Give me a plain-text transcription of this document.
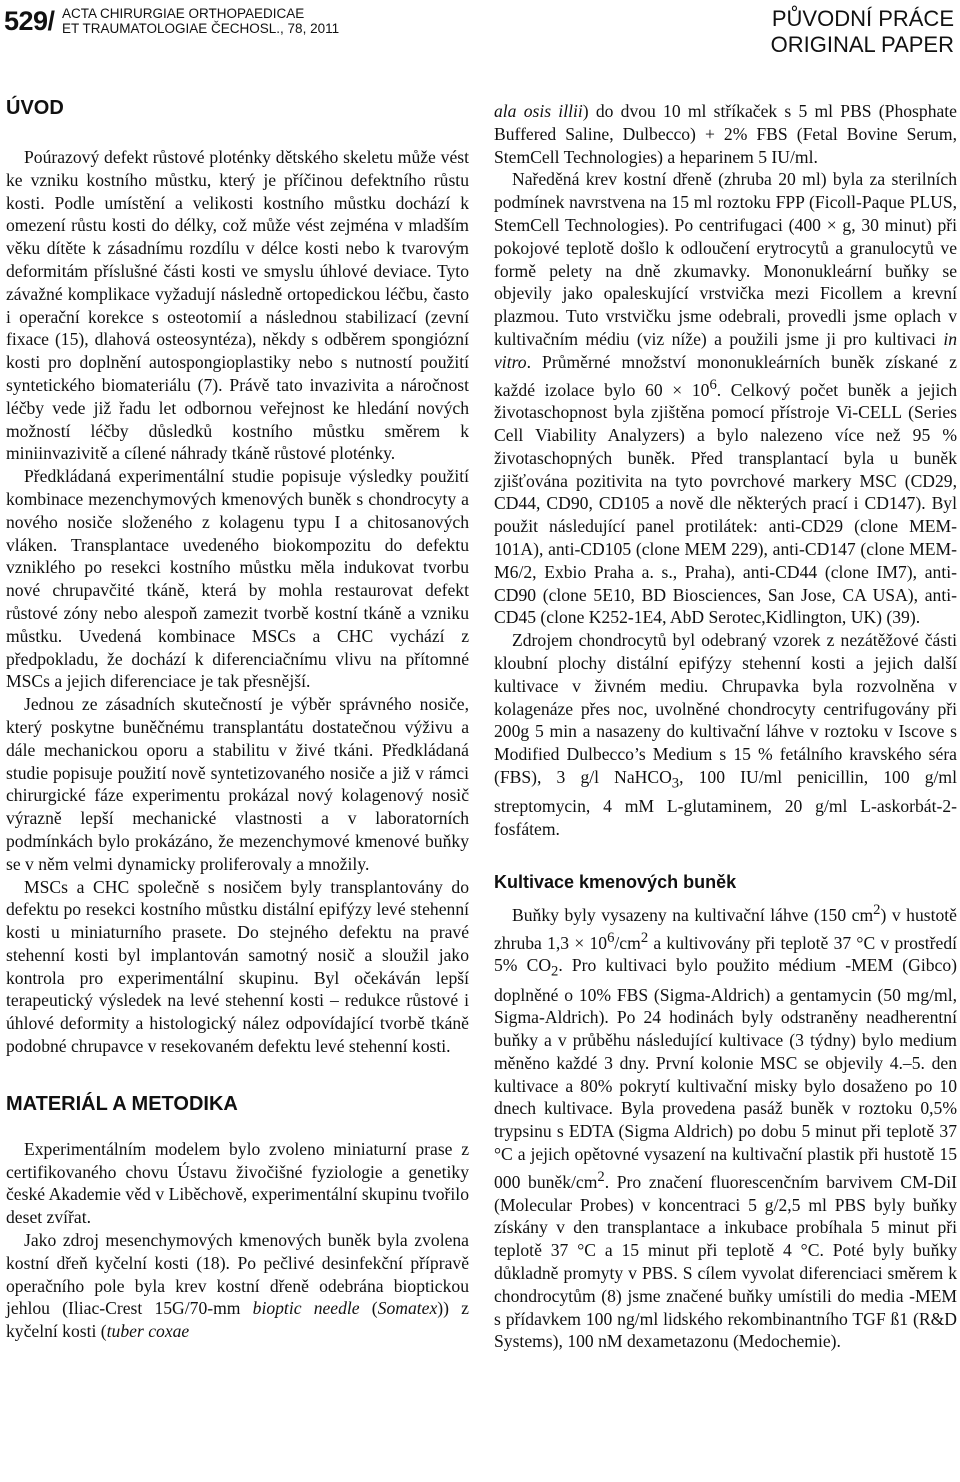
529/ ACTA CHIRURGIAE ORTHOPAEDICAE
ET TRAUMATOLOGIAE ČECHOSL., 78, 2011	PŮVODNÍ PRÁCE
ORIGINAL PAPER
ÚVOD

Poúrazový defekt růstové ploténky dětského skeletu může vést ke vzniku kostního můstku, který je příčinou defektního růstu kosti. Podle umístění a velikosti kostního můstku dochází k omezení růstu kosti do délky, což může vést zejména v mladším věku dítěte k zásadnímu rozdílu v délce kosti nebo k tvarovým deformitám příslušné části kosti ve smyslu úhlové deviace. Tyto závažné komplikace vyžadují následně ortopedickou léčbu, často i operační korekce s osteotomií a následnou stabilizací (zevní fixace (15), dlahová osteosyntéza), někdy s odběrem spongiózní kosti pro doplnění autospongioplastiky nebo s nutností použití syntetického biomateriálu (7). Právě tato invazivita a náročnost léčby vede již řadu let odbornou veřejnost ke hledání nových možností léčby důsledků kostního můstku směrem k miniinvazivitě a cílené náhrady tkáně růstové ploténky.

Předkládaná experimentální studie popisuje výsledky použití kombinace mezenchymových kmenových buněk s chondrocyty a nového nosiče složeného z kolagenu typu I a chitosanových vláken. Transplantace uvedeného biokompozitu do defektu vzniklého po resekci kostního můstku měla indukovat tvorbu nové chrupavčité tkáně, která by mohla restaurovat defekt růstové zóny nebo alespoň zamezit tvorbě kostní tkáně a vzniku můstku. Uvedená kombinace MSCs a CHC vychází z předpokladu, že dochází k diferenciačnímu vlivu na přítomné MSCs a jejich diferenciace je tak přesnější.

Jednou ze zásadních skutečností je výběr správného nosiče, který poskytne buněčnému transplantátu dostatečnou výživu a dále mechanickou oporu a stabilitu v živé tkáni. Předkládaná studie popisuje použití nově syntetizovaného nosiče a již v rámci chirurgické fáze experimentu prokázal nový kolagenový nosič výrazně lepší mechanické vlastnosti a v laboratorních podmínkách bylo prokázáno, že mezenchymové kmenové buňky se v něm velmi dynamicky proliferovaly a množily.

MSCs a CHC společně s nosičem byly transplantovány do defektu po resekci kostního můstku distální epifýzy levé stehenní kosti u miniaturního prasete. Do stejného defektu na pravé stehenní kosti byl implantován samotný nosič a sloužil jako kontrola pro experimentální skupinu. Byl očekáván lepší terapeutický výsledek na levé stehenní kosti – redukce růstové i úhlové deformity a histologický nález odpovídající tvorbě tkáně podobné chrupavce v resekovaném defektu levé stehenní kosti.

MATERIÁL A METODIKA

Experimentálním modelem bylo zvoleno miniaturní prase z certifikovaného chovu Ústavu živočišné fyziologie a genetiky české Akademie věd v Liběchově, experimentální skupinu tvořilo deset zvířat.

Jako zdroj mesenchymových kmenových buněk byla zvolena kostní dřeň kyčelní kosti (18). Po pečlivé desinfekční přípravě operačního pole byla krev kostní dřeně odebrána bioptickou jehlou (Iliac-Crest 15G/70-mm bioptic needle (Somatex)) z kyčelní kosti (tuber coxae

ala osis illii) do dvou 10 ml stříkaček s 5 ml PBS (Phosphate Buffered Saline, Dulbecco) + 2% FBS (Fetal Bovine Serum, StemCell Technologies) a heparinem 5 IU/ml.

Naředěná krev kostní dřeně (zhruba 20 ml) byla za sterilních podmínek navrstvena na 15 ml roztoku FPP (Ficoll-Paque PLUS, StemCell Technologies). Po centrifugaci (400 × g, 30 minut) při pokojové teplotě došlo k odloučení erytrocytů a granulocytů ve formě pelety na dně zkumavky. Mononukleární buňky se objevily jako opaleskující vrstvička mezi Ficollem a krevní plazmou. Tuto vrstvičku jsme odebrali, provedli jsme oplach v kultivačním médiu (viz níže) a použili jsme ji pro kultivaci in vitro. Průměrné množství mononukleárních buněk získané z každé izolace bylo $60 \times 10^6$. Celkový počet buněk a jejich životaschopnost byla zjištěna pomocí přístroje Vi-CELL (Series Cell Viability Analyzers) a bylo nalezeno více než 95 % životaschopných buněk. Před transplantací byla u buněk zjišťována pozitivita na tyto povrchové markery MSC (CD29, CD44, CD90, CD105 a nově dle některých prací i CD147). Byl použit následující panel protilátek: anti-CD29 (clone MEM-101A), anti-CD105 (clone MEM 229), anti-CD147 (clone MEM-M6/2, Exbio Praha a. s., Praha), anti-CD44 (clone IM7), anti-CD90 (clone 5E10, BD Biosciences, San Jose, CA USA), anti-CD45 (clone K252-1E4, AbD Serotec,Kidlington, UK) (39).

Zdrojem chondrocytů byl odebraný vzorek z nezátěžové části kloubní plochy distální epifýzy stehenní kosti a jejich další kultivace v živném mediu. Chrupavka byla rozvolněna v kolagenáze přes noc, uvolněné chondrocyty centrifugovány při 200g 5 min a nasazeny do kultivační láhve v roztoku v Iscove s Modified Dulbecco’s Medium s 15 % fetálního kravského séra (FBS), 3 g/l NaHCO$_3$, 100 IU/ml penicillin, 100 g/ml streptomycin, 4 mM L-glutaminem, 20 g/ml L-askorbát-2-fosfátem.

Kultivace kmenových buněk

Buňky byly vysazeny na kultivační láhve (150 $cm^2$) v hustotě zhruba $1,3 \times 10^6/cm^2$ a kultivovány při teplotě 37 °C v prostředí 5% $CO_2$. Pro kultivaci bylo použito médium -MEM (Gibco) doplněné o 10% FBS (Sigma-Aldrich) a gentamycin (50 mg/ml, Sigma-Aldrich). Po 24 hodinách byly odstraněny neadherentní buňky a v průběhu následující kultivace (3 týdny) bylo medium měněno každé 3 dny. První kolonie MSC se objevily 4.–5. den kultivace a 80% pokrytí kultivační misky bylo dosaženo po 10 dnech kultivace. Byla provedena pasáž buněk v roztoku 0,5% trypsinu s EDTA (Sigma Aldrich) po dobu 5 minut při teplotě 37 °C a jejich opětovné vysazení na kultivační plastik při hustotě 15 000 buněk/$cm^2$. Pro značení fluorescenčním barvivem CM-DiI (Molecular Probes) v koncentraci 5 g/2,5 ml PBS byly buňky získány v den transplantace a inkubace probíhala 5 minut při teplotě 37 °C a 15 minut při teplotě 4 °C. Poté byly buňky důkladně promyty v PBS. S cílem vyvolat diferenciaci směrem k chondrocytům (8) jsme značené buňky umístili do media -MEM s přídavkem 100 ng/ml lidského rekombinantního TGF ß1 (R&D Systems), 100 nM dexametazonu (Medochemie).
